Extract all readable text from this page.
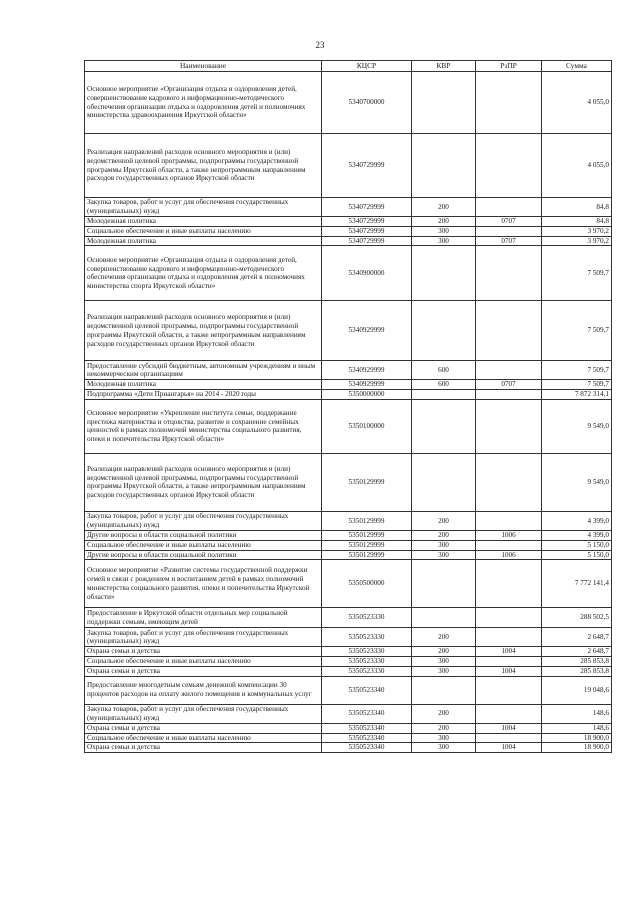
23
Наименование	КЦСР	КВР	РзПР	Сумма
Основное мероприятие «Организация отдыха и оздоровления детей, совершенствование кадрового и информационно-методического обеспечения организации отдыха и оздоровления детей и полномочиях министерства здравоохранения Иркутской области»	5340700000			4 055,0
Реализация направлений расходов основного мероприятия и (или) ведомственной целевой программы, подпрограммы государственной программы Иркутской области, а также непрограммным направлениям расходов государственных органов Иркутской области	5340729999			4 055,0
Закупка товаров, работ и услуг для обеспечения государственных (муниципальных) нужд	5340729999	200		84,8
Молодежная политика	5340729999	200	0707	84,8
Социальное обеспечение и иные выплаты населению	5340729999	300		3 970,2
Молодежная политика	5340729999	300	0707	3 970,2
Основное мероприятие «Организация отдыха и оздоровления детей, совершенствование кадрового и информационно-методического обеспечения организации отдыха и оздоровления детей в полномочиях министерства спорта Иркутской области»	5340900000			7 509,7
Реализация направлений расходов основного мероприятия и (или) ведомственной целевой программы, подпрограммы государственной программы Иркутской области, а также непрограммным направлениям расходов государственных органов Иркутской области	5340929999			7 509,7
Предоставление субсидий бюджетным, автономным учреждениям и иным некоммерческим организациям	5340929999	600		7 509,7
Молодежная политика	5340929999	600	0707	7 509,7
Подпрограмма «Дети Приангарья» на 2014 - 2020 годы	5350000000			7 872 314,1
Основное мероприятие «Укрепление института семьи, поддержание престижа материнства и отцовства, развитие и сохранение семейных ценностей в рамках полномочий министерства социального развития, опеки и попечительства Иркутской области»	5350100000			9 549,0
Реализация направлений расходов основного мероприятия и (или) ведомственной целевой программы, подпрограммы государственной программы Иркутской области, а также непрограммным направлениям расходов государственных органов Иркутской области	5350129999			9 549,0
Закупка товаров, работ и услуг для обеспечения государственных (муниципальных) нужд	5350129999	200		4 399,0
Другие вопросы в области социальной политики	5350129999	200	1006	4 399,0
Социальное обеспечение и иные выплаты населению	5350129999	300		5 150,0
Другие вопросы в области социальной политики	5350129999	300	1006	5 150,0
Основное мероприятие «Развитие системы государственной поддержки семей в связи с рождением и воспитанием детей в рамках полномочий министерства социального развития, опеки и попечительства Иркутской области»	5350500000			7 772 141,4
Предоставление в Иркутской области отдельных мер социальной поддержки семьям, имеющим детей	5350523330			288 502,5
Закупка товаров, работ и услуг для обеспечения государственных (муниципальных) нужд	5350523330	200		2 648,7
Охрана семьи и детства	5350523330	200	1004	2 648,7
Социальное обеспечение и иные выплаты населению	5350523330	300		285 853,8
Охрана семьи и детства	5350523330	300	1004	285 853,8
Предоставление многодетным семьям денежной компенсации 30 процентов расходов на оплату жилого помещения и коммунальных услуг	5350523340			19 048,6
Закупка товаров, работ и услуг для обеспечения государственных (муниципальных) нужд	5350523340	200		148,6
Охрана семьи и детства	5350523340	200	1004	148,6
Социальное обеспечение и иные выплаты населению	5350523340	300		18 900,0
Охрана семьи и детства	5350523340	300	1004	18 900,0
